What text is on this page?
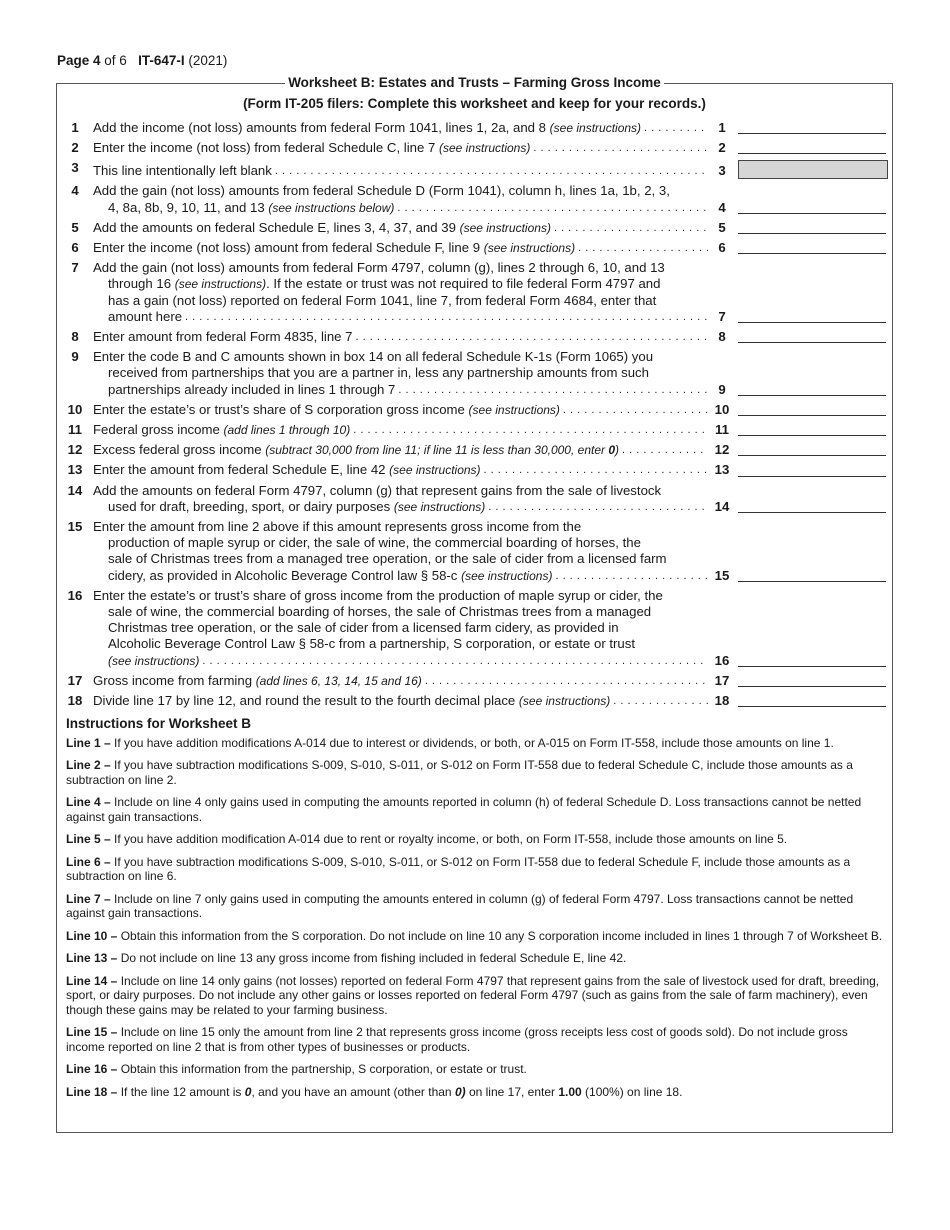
Page 4 of 6 IT-647-I (2021)
Worksheet B: Estates and Trusts – Farming Gross Income
(Form IT-205 filers: Complete this worksheet and keep for your records.)
1	Add the income (not loss) amounts from federal Form 1041, lines 1, 2a, and 8 (see instructions) . . .	1
2	Enter the income (not loss) from federal Schedule C, line 7 (see instructions) . . .	2
3	This line intentionally left blank . . .	3
4	Add the gain (not loss) amounts from federal Schedule D (Form 1041), column h, lines 1a, 1b, 2, 3,
4, 8a, 8b, 9, 10, 11, and 13 (see instructions below) . . .	4
5	Add the amounts on federal Schedule E, lines 3, 4, 37, and 39 (see instructions) . . .	5
6	Enter the income (not loss) amount from federal Schedule F, line 9 (see instructions) . . .	6
7	Add the gain (not loss) amounts from federal Form 4797, column (g), lines 2 through 6, 10, and 13
through 16 (see instructions). If the estate or trust was not required to file federal Form 4797 and
has a gain (not loss) reported on federal Form 1041, line 7, from federal Form 4684, enter that
amount here . . .	7
8	Enter amount from federal Form 4835, line 7 . . .	8
9	Enter the code B and C amounts shown in box 14 on all federal Schedule K-1s (Form 1065) you
received from partnerships that you are a partner in, less any partnership amounts from such
partnerships already included in lines 1 through 7 . . .	9
10 Enter the estate’s or trust’s share of S corporation gross income (see instructions) . . .	10
11 Federal gross income (add lines 1 through 10) . . .	11
12 Excess federal gross income (subtract 30,000 from line 11; if line 11 is less than 30,000, enter 0) . . .	12
13 Enter the amount from federal Schedule E, line 42 (see instructions) . . .	13
14 Add the amounts on federal Form 4797, column (g) that represent gains from the sale of livestock
used for draft, breeding, sport, or dairy purposes (see instructions) . . .	14
15 Enter the amount from line 2 above if this amount represents gross income from the
production of maple syrup or cider, the sale of wine, the commercial boarding of horses, the
sale of Christmas trees from a managed tree operation, or the sale of cider from a licensed farm
cidery, as provided in Alcoholic Beverage Control law § 58-c (see instructions) . . .	15
16 Enter the estate’s or trust’s share of gross income from the production of maple syrup or cider, the
sale of wine, the commercial boarding of horses, the sale of Christmas trees from a managed
Christmas tree operation, or the sale of cider from a licensed farm cidery, as provided in
Alcoholic Beverage Control Law § 58-c from a partnership, S corporation, or estate or trust
(see instructions) . . .	16
17 Gross income from farming (add lines 6, 13, 14, 15 and 16) . . .	17
18 Divide line 17 by line 12, and round the result to the fourth decimal place (see instructions) . . .	18
Instructions for Worksheet B

Line 1 – If you have addition modifications A-014 due to interest or dividends, or both, or A-015 on Form IT-558, include those amounts on line 1.

Line 2 – If you have subtraction modifications S-009, S-010, S-011, or S-012 on Form IT-558 due to federal Schedule C, include those amounts as a subtraction on line 2.

Line 4 – Include on line 4 only gains used in computing the amounts reported in column (h) of federal Schedule D. Loss transactions cannot be netted against gain transactions.

Line 5 – If you have addition modification A-014 due to rent or royalty income, or both, on Form IT-558, include those amounts on line 5.

Line 6 – If you have subtraction modifications S-009, S-010, S-011, or S-012 on Form IT-558 due to federal Schedule F, include those amounts as a subtraction on line 6.

Line 7 – Include on line 7 only gains used in computing the amounts entered in column (g) of federal Form 4797. Loss transactions cannot be netted against gain transactions.

Line 10 – Obtain this information from the S corporation. Do not include on line 10 any S corporation income included in lines 1 through 7 of Worksheet B.

Line 13 – Do not include on line 13 any gross income from fishing included in federal Schedule E, line 42.

Line 14 – Include on line 14 only gains (not losses) reported on federal Form 4797 that represent gains from the sale of livestock used for draft, breeding, sport, or dairy purposes. Do not include any other gains or losses reported on federal Form 4797 (such as gains from the sale of farm machinery), even though these gains may be related to your farming business.

Line 15 – Include on line 15 only the amount from line 2 that represents gross income (gross receipts less cost of goods sold). Do not include gross income reported on line 2 that is from other types of businesses or products.

Line 16 – Obtain this information from the partnership, S corporation, or estate or trust.

Line 18 – If the line 12 amount is 0, and you have an amount (other than 0) on line 17, enter 1.00 (100%) on line 18.
